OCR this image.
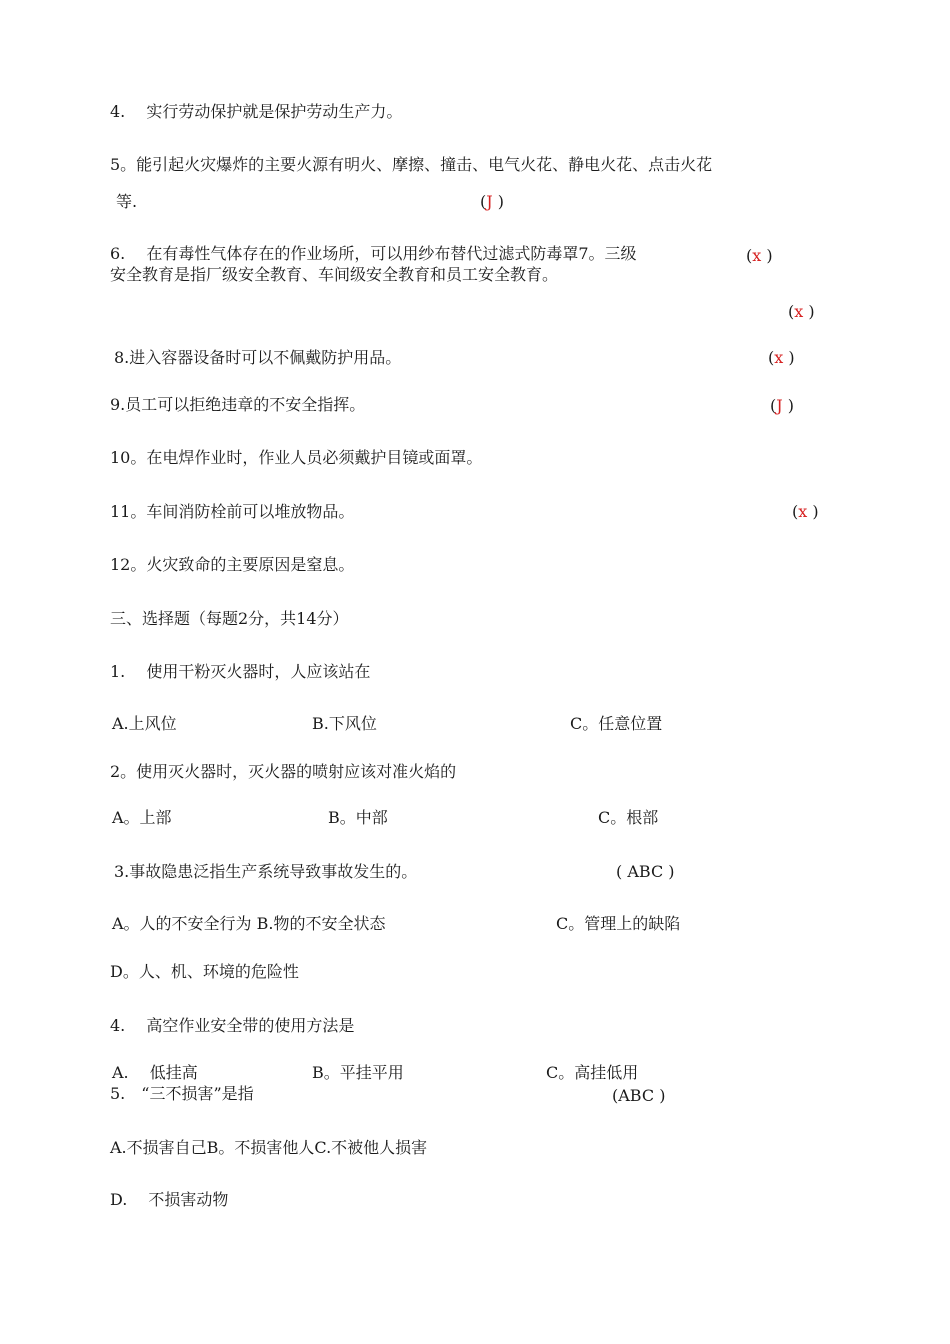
4.　 实行劳动保护就是保护劳动生产力。
5。能引起火灾爆炸的主要火源有明火、摩擦、撞击、电气火花、静电火花、点击火花
等.	(J )
6.　 在有毒性气体存在的作业场所，可以用纱布替代过滤式防毒罩7。三级	(x )
安全教育是指厂级安全教育、车间级安全教育和员工安全教育。
(x )
8.进入容器设备时可以不佩戴防护用品。	(x )
9.员工可以拒绝违章的不安全指挥。	(J )
10。在电焊作业时，作业人员必须戴护目镜或面罩。
11。车间消防栓前可以堆放物品。	(x )
12。火灾致命的主要原因是窒息。
三、选择题（每题2分，共14分）
1.　 使用干粉灭火器时，人应该站在
A.上风位	B.下风位	C。任意位置
2。使用灭火器时，灭火器的喷射应该对准火焰的
A。上部	B。中部	C。根部
3.事故隐患泛指生产系统导致事故发生的。	( ABC )
A。人的不安全行为 B.物的不安全状态	C。管理上的缺陷
D。人、机、环境的危险性
4.　 高空作业安全带的使用方法是
A.　 低挂高	B。平挂平用	C。高挂低用
5.　“三不损害”是指	(ABC )
A.不损害自己B。不损害他人C.不被他人损害
D.　 不损害动物
